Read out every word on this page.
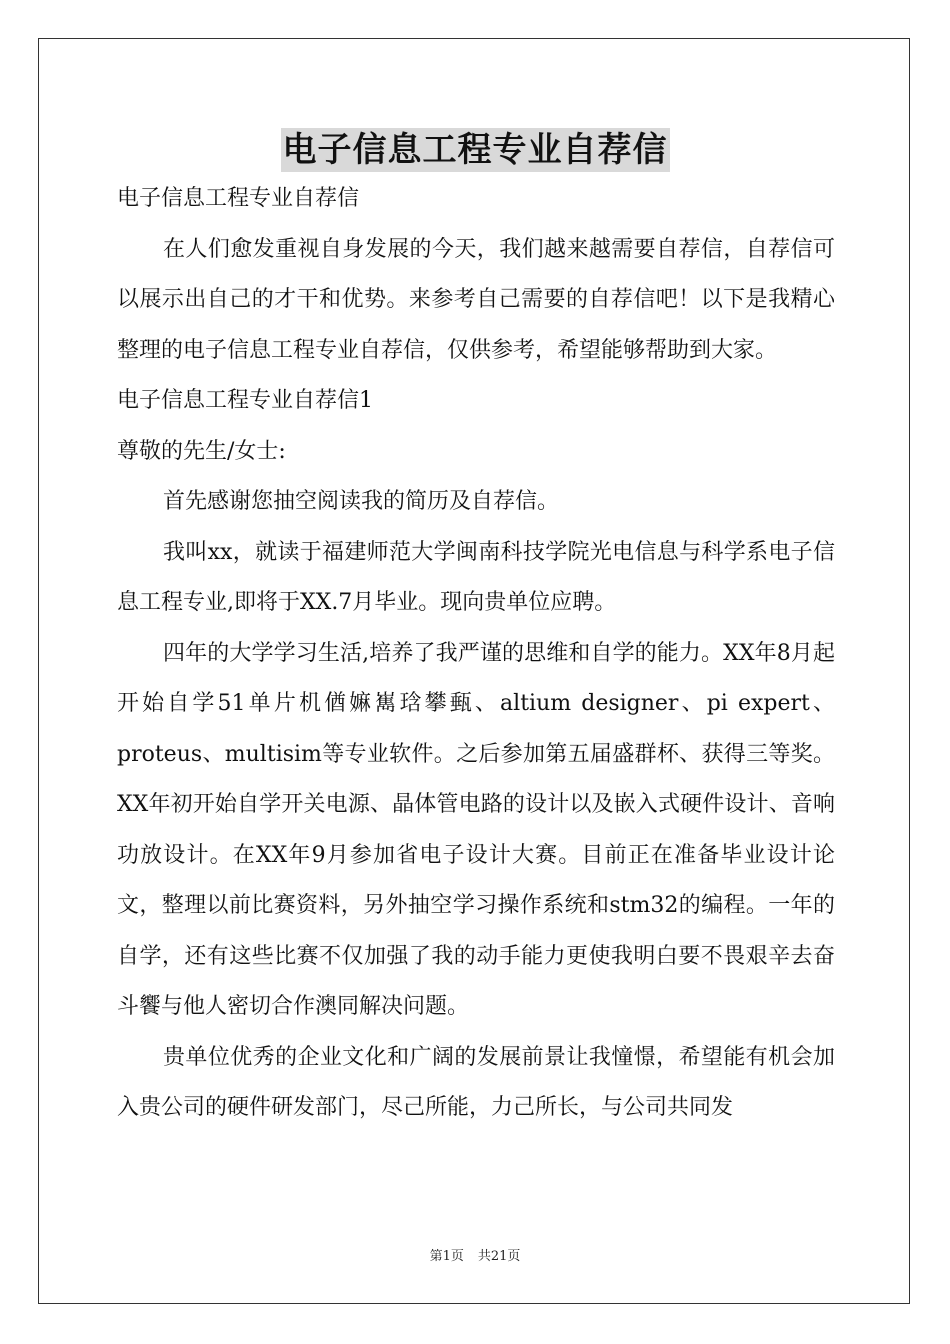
电子信息工程专业自荐信

电子信息工程专业自荐信

在人们愈发重视自身发展的今天，我们越来越需要自荐信，自荐信可以展示出自己的才干和优势。来参考自己需要的自荐信吧！以下是我精心整理的电子信息工程专业自荐信，仅供参考，希望能够帮助到大家。

电子信息工程专业自荐信1

尊敬的先生/女士:

首先感谢您抽空阅读我的简历及自荐信。

我叫xx，就读于福建师范大学闽南科技学院光电信息与科学系电子信息工程专业,即将于XX.7月毕业。现向贵单位应聘。

四年的大学学习生活,培养了我严谨的思维和自学的能力。XX年8月起开始自学51单片机偤嫲嶲琀攀甀、altium designer、pi expert、proteus、multisim等专业软件。之后参加第五届盛群杯、获得三等奖。XX年初开始自学开关电源、晶体管电路的设计以及嵌入式硬件设计、音响功放设计。在XX年9月参加省电子设计大赛。目前正在准备毕业设计论文，整理以前比赛资料，另外抽空学习操作系统和stm32的编程。一年的自学，还有这些比赛不仅加强了我的动手能力更使我明白要不畏艰辛去奋斗饗与他人密切合作澳同解决问题。

贵单位优秀的企业文化和广阔的发展前景让我憧憬，希望能有机会加入贵公司的硬件研发部门，尽己所能，力己所长，与公司共同发

第1页 共21页
